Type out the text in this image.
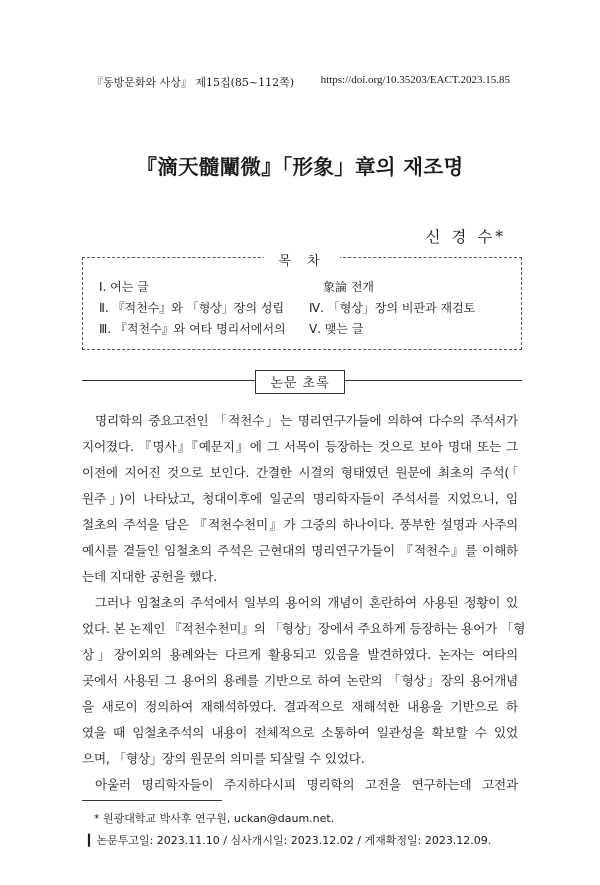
『동방문화와 사상』 제15집(85~112쪽) https://doi.org/10.35203/EACT.2023.15.85
『滴天髓闡微』「形象」章의 재조명
신 경 수*
목 차
Ⅰ. 여는 글
Ⅱ. 『적천수』와 「형상」장의 성립
Ⅲ. 『적천수』와 여타 명리서에서의
象論 전개
Ⅳ. 「형상」장의 비판과 재검토
Ⅴ. 맺는 글
논문 초록
명리학의 중요고전인 「적천수」는 명리연구가들에 의하여 다수의 주석서가
지어졌다. 『명사』『예문지』에 그 서목이 등장하는 것으로 보아 명대 또는 그
이전에 지어진 것으로 보인다. 간결한 시결의 형태였던 원문에 최초의 주석(「
원주」)이 나타났고, 청대이후에 일군의 명리학자들이 주석서를 지었으니, 임
철초의 주석을 담은 『적천수천미』가 그중의 하나이다. 풍부한 설명과 사주의
예시를 곁들인 임철초의 주석은 근현대의 명리연구가들이 『적천수』를 이해하
는데 지대한 공헌을 했다.
그러나 임철초의 주석에서 일부의 용어의 개념이 혼란하여 사용된 정황이 있
었다. 본 논제인 『적천수천미』의 「형상」장에서 주요하게 등장하는 용어가 「형
상」장이외의 용례와는 다르게 활용되고 있음을 발견하였다. 논자는 여타의
곳에서 사용된 그 용어의 용례를 기반으로 하여 논란의 「형상」장의 용어개념
을 새로이 정의하여 재해석하였다. 결과적으로 재해석한 내용을 기반으로 하
였을 때 임철초주석의 내용이 전체적으로 소통하여 일관성을 확보할 수 있었
으며, 「형상」장의 원문의 의미를 되살릴 수 있었다.
아울러 명리학자들이 주지하다시피 명리학의 고전을 연구하는데 고전과
* 원광대학교 박사후 연구원, uckan@daum.net.
▎논문투고일: 2023.11.10 / 심사개시일: 2023.12.02 / 게재확정일: 2023.12.09.
